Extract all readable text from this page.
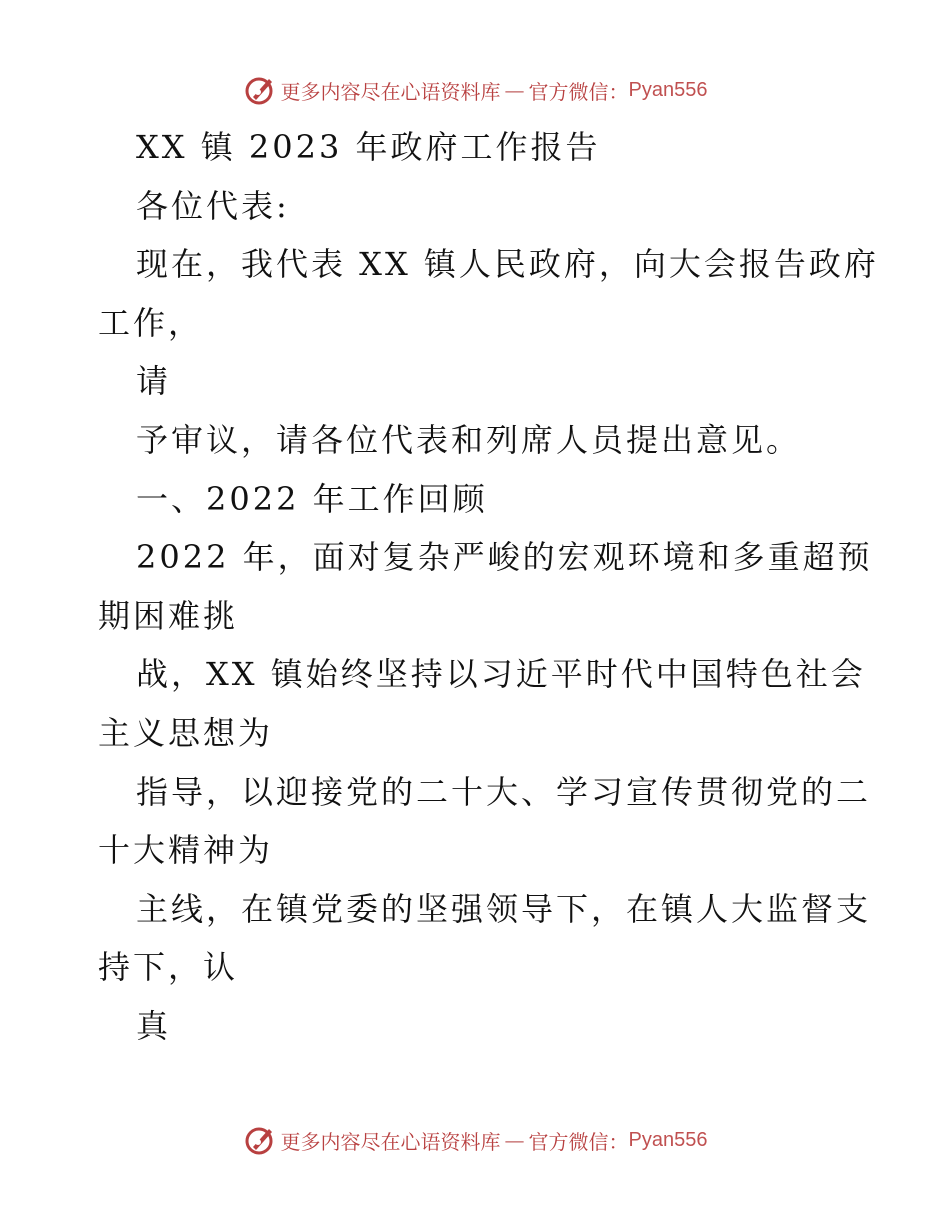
更多内容尽在心语资料库 — 官方微信： Pyan556
XX 镇 2023 年政府工作报告
各位代表:
现在，我代表 XX 镇人民政府，向大会报告政府
工作，
请
予审议，请各位代表和列席人员提出意见。
一、2022 年工作回顾
2022 年，面对复杂严峻的宏观环境和多重超预
期困难挑
战，XX 镇始终坚持以习近平时代中国特色社会
主义思想为
指导，以迎接党的二十大、学习宣传贯彻党的二
十大精神为
主线，在镇党委的坚强领导下，在镇人大监督支
持下，认
真
更多内容尽在心语资料库 — 官方微信： Pyan556
